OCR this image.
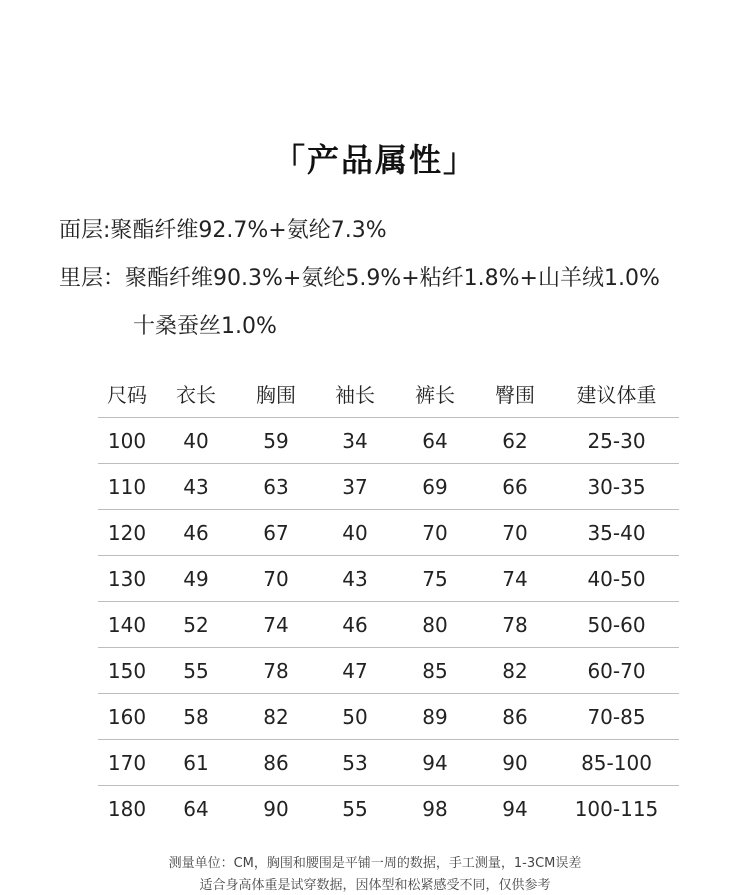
「产品属性」
面层:聚酯纤维92.7%+氨纶7.3%
里层：聚酯纤维90.3%+氨纶5.9%+粘纤1.8%+山羊绒1.0%
十桑蚕丝1.0%
尺码	衣长	胸围	袖长	裤长	臀围	建议体重
100	40	59	34	64	62	25-30
110	43	63	37	69	66	30-35
120	46	67	40	70	70	35-40
130	49	70	43	75	74	40-50
140	52	74	46	80	78	50-60
150	55	78	47	85	82	60-70
160	58	82	50	89	86	70-85
170	61	86	53	94	90	85-100
180	64	90	55	98	94	100-115
测量单位：CM，胸围和腰围是平铺一周的数据，手工测量，1-3CM误差
适合身高体重是试穿数据，因体型和松紧感受不同，仅供参考
